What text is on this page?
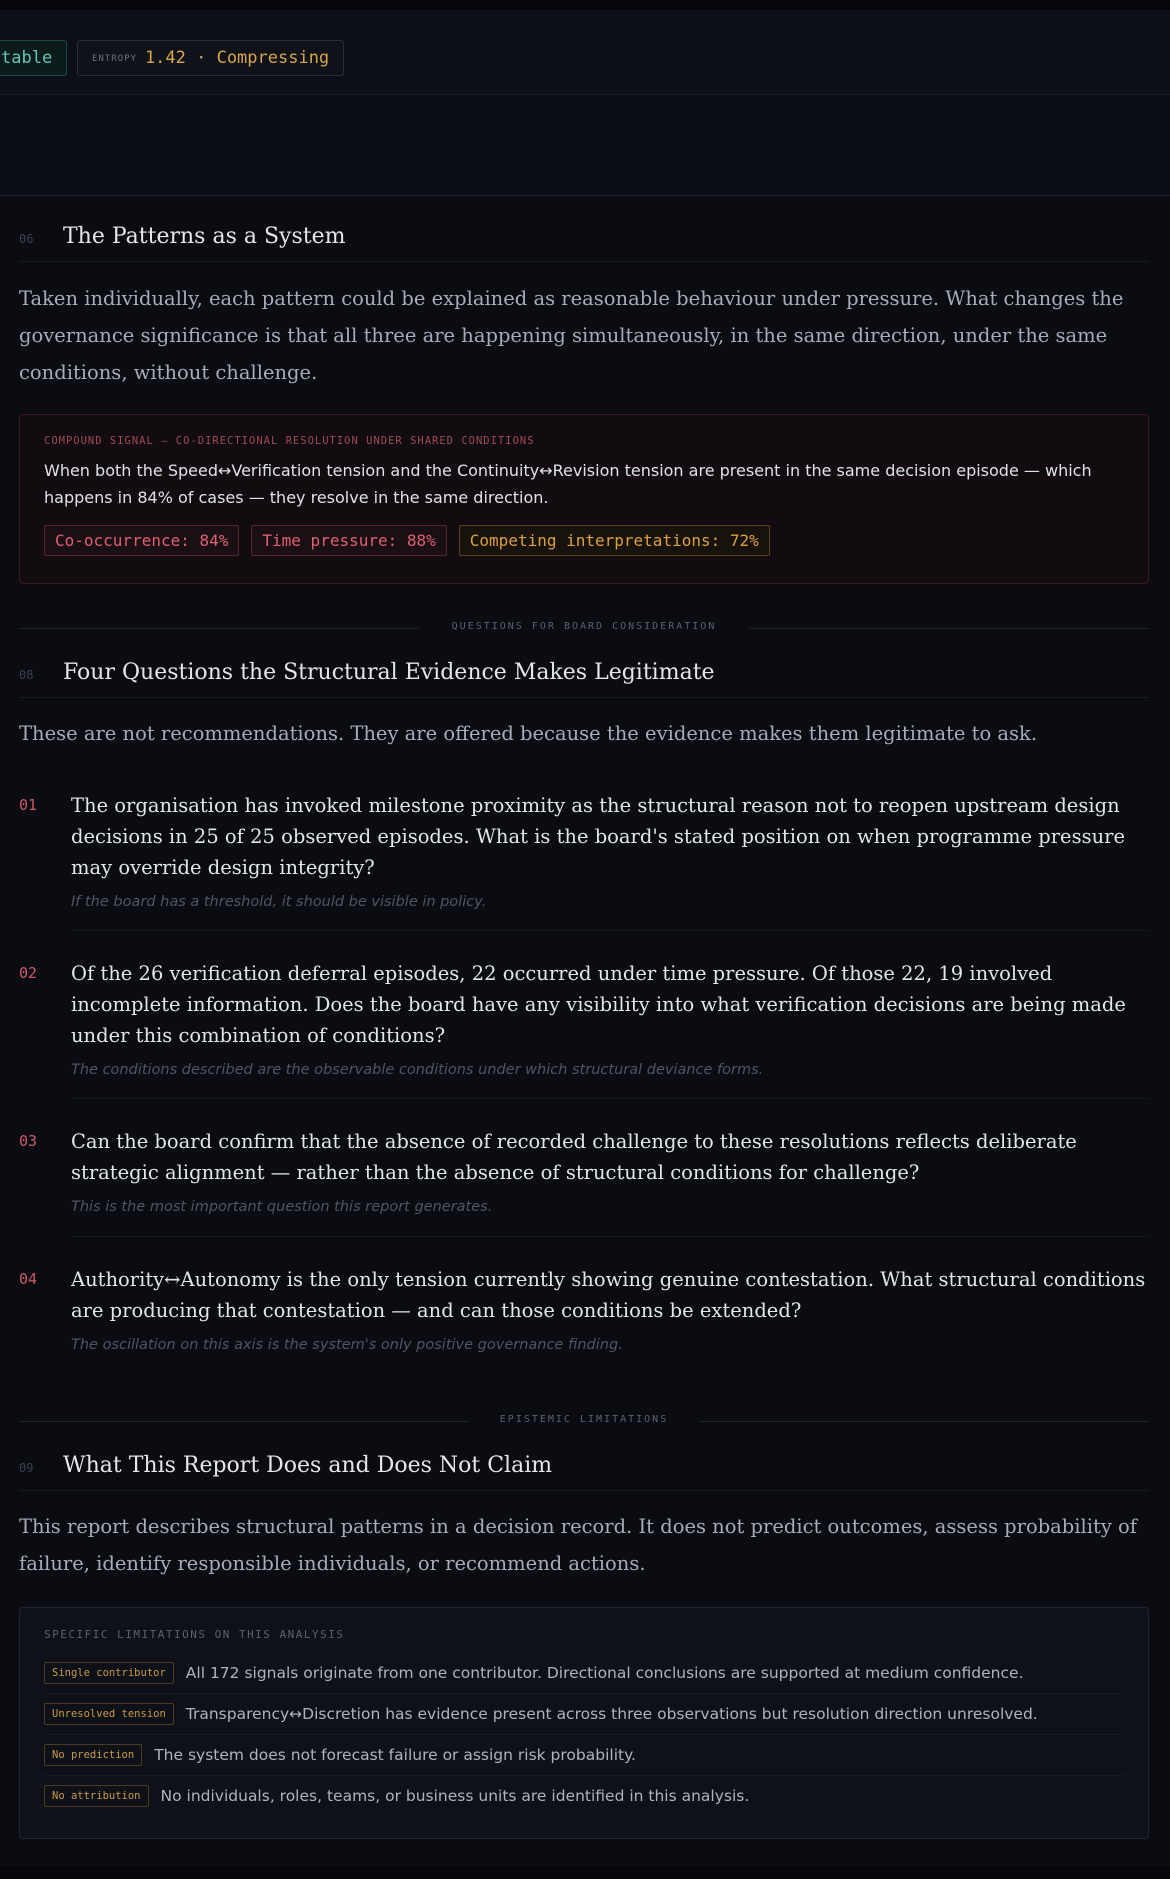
table	ENTROPY 1.42 · Compressing
06	The Patterns as a System
Taken individually, each pattern could be explained as reasonable behaviour under pressure. What changes the governance significance is that all three are happening simultaneously, in the same direction, under the same conditions, without challenge.
COMPOUND SIGNAL — CO-DIRECTIONAL RESOLUTION UNDER SHARED CONDITIONS
When both the Speed↔Verification tension and the Continuity↔Revision tension are present in the same decision episode — which happens in 84% of cases — they resolve in the same direction.
Co-occurrence: 84%	Time pressure: 88%	Competing interpretations: 72%
QUESTIONS FOR BOARD CONSIDERATION
08	Four Questions the Structural Evidence Makes Legitimate
These are not recommendations. They are offered because the evidence makes them legitimate to ask.
01 The organisation has invoked milestone proximity as the structural reason not to reopen upstream design decisions in 25 of 25 observed episodes. What is the board's stated position on when programme pressure may override design integrity?
If the board has a threshold, it should be visible in policy.
02 Of the 26 verification deferral episodes, 22 occurred under time pressure. Of those 22, 19 involved incomplete information. Does the board have any visibility into what verification decisions are being made under this combination of conditions?
The conditions described are the observable conditions under which structural deviance forms.
03 Can the board confirm that the absence of recorded challenge to these resolutions reflects deliberate strategic alignment — rather than the absence of structural conditions for challenge?
This is the most important question this report generates.
04 Authority↔Autonomy is the only tension currently showing genuine contestation. What structural conditions are producing that contestation — and can those conditions be extended?
The oscillation on this axis is the system's only positive governance finding.
EPISTEMIC LIMITATIONS
09	What This Report Does and Does Not Claim
This report describes structural patterns in a decision record. It does not predict outcomes, assess probability of failure, identify responsible individuals, or recommend actions.
SPECIFIC LIMITATIONS ON THIS ANALYSIS
Single contributor	All 172 signals originate from one contributor. Directional conclusions are supported at medium confidence.
Unresolved tension	Transparency↔Discretion has evidence present across three observations but resolution direction unresolved.
No prediction	The system does not forecast failure or assign risk probability.
No attribution	No individuals, roles, teams, or business units are identified in this analysis.
